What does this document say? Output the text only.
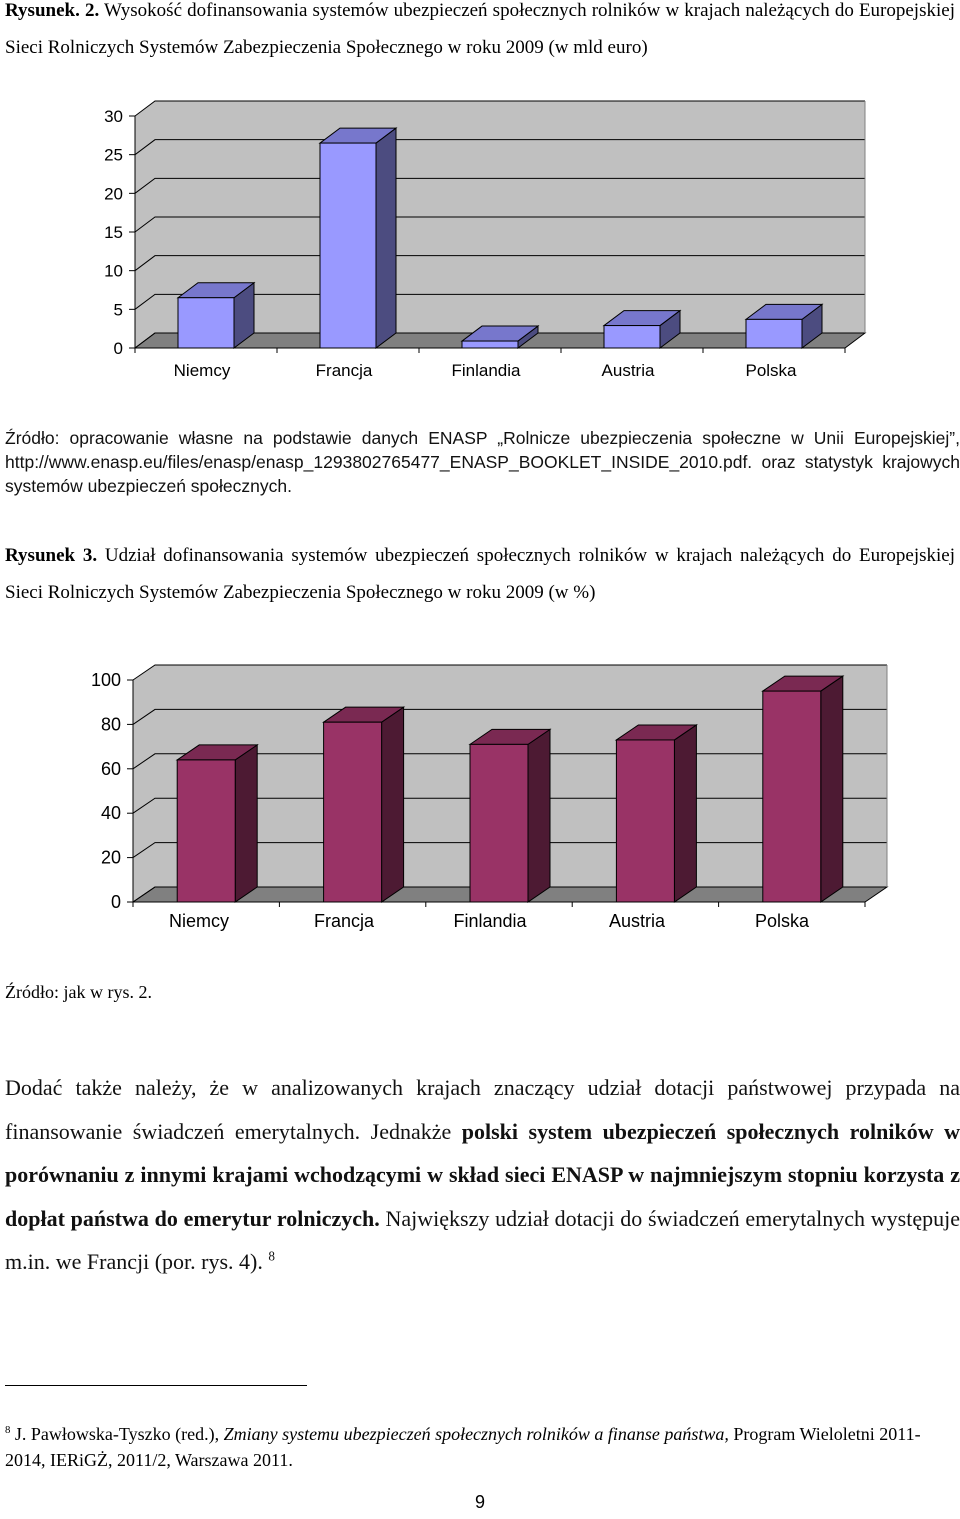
Rysunek. 2. Wysokość dofinansowania systemów ubezpieczeń społecznych rolników w krajach należących do Europejskiej Sieci Rolniczych Systemów Zabezpieczenia Społecznego w roku 2009 (w mld euro)
0
5
10
15
20
25
30
Niemcy	Francja	Finlandia	Austria	Polska
Źródło: opracowanie własne na podstawie danych ENASP „Rolnicze ubezpieczenia społeczne w Unii Europejskiej”, http://www.enasp.eu/files/enasp/enasp_1293802765477_ENASP_BOOKLET_INSIDE_2010.pdf. oraz statystyk krajowych systemów ubezpieczeń społecznych.
Rysunek 3. Udział dofinansowania systemów ubezpieczeń społecznych rolników w krajach należących do Europejskiej Sieci Rolniczych Systemów Zabezpieczenia Społecznego w roku 2009 (w %)
0
20
40
60
80
100
Niemcy	Francja	Finlandia	Austria	Polska
Źródło: jak w rys. 2.
Dodać także należy, że w analizowanych krajach znaczący udział dotacji państwowej przypada na finansowanie świadczeń emerytalnych. Jednakże polski system ubezpieczeń społecznych rolników w porównaniu z innymi krajami wchodzącymi w skład sieci ENASP w najmniejszym stopniu korzysta z dopłat państwa do emerytur rolniczych. Największy udział dotacji do świadczeń emerytalnych występuje m.in. we Francji (por. rys. 4). $^8$
$^8$ J. Pawłowska-Tyszko (red.), Zmiany systemu ubezpieczeń społecznych rolników a finanse państwa, Program Wieloletni 2011-2014, IERiGŻ, 2011/2, Warszawa 2011.
9
